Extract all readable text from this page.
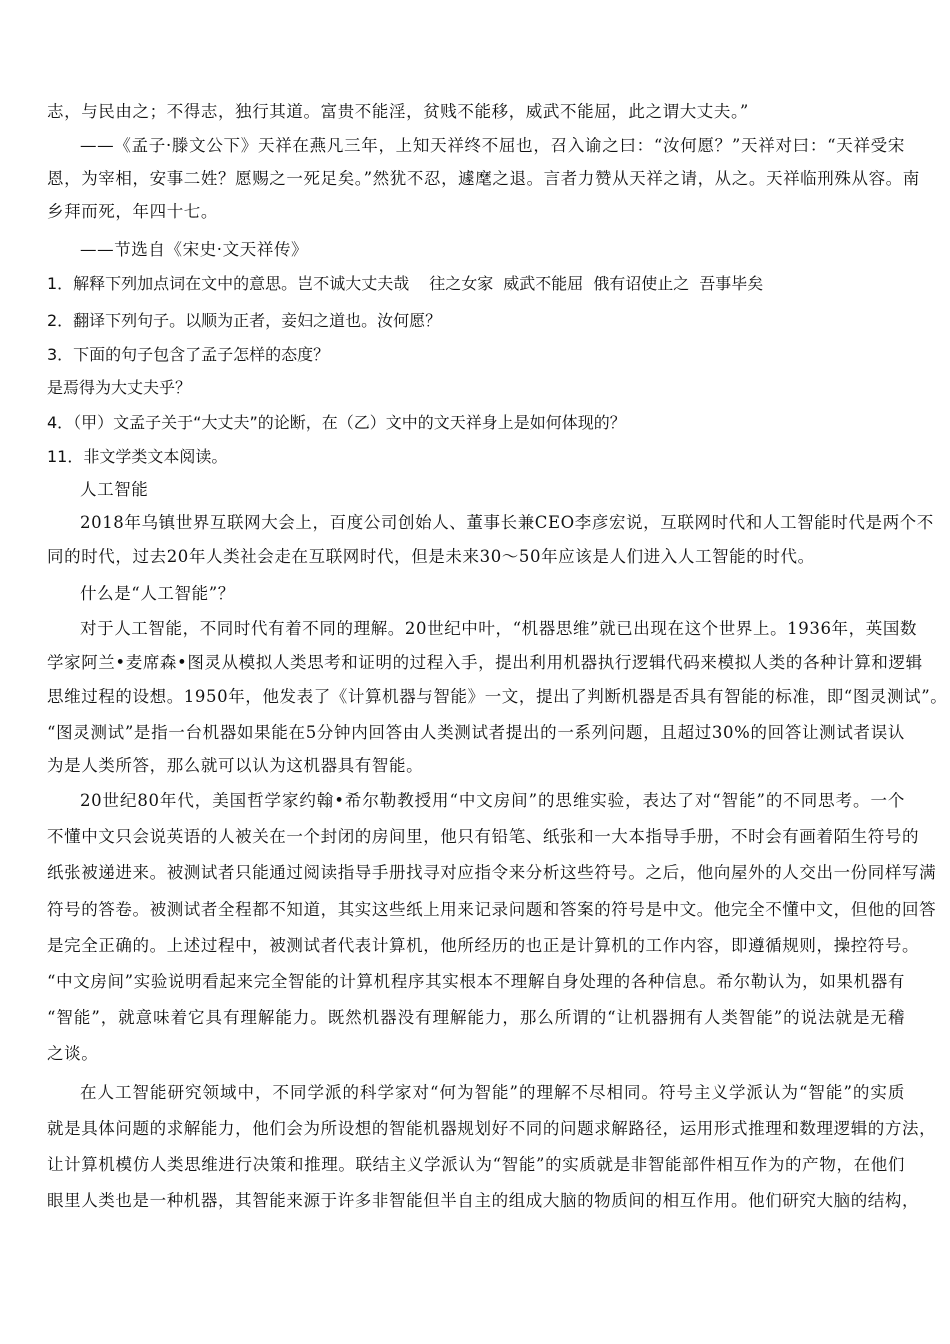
志，与民由之；不得志，独行其道。富贵不能淫，贫贱不能移，威武不能屈，此之谓大丈夫。”
——《孟子·滕文公下》天祥在燕凡三年，上知天祥终不屈也，召入谕之曰：“汝何愿？”天祥对曰：“天祥受宋
恩，为宰相，安事二姓？愿赐之一死足矣。”然犹不忍，遽麾之退。言者力赞从天祥之请，从之。天祥临刑殊从容。南
乡拜而死，年四十七。
——节选自《宋史·文天祥传》
1．解释下列加点词在文中的意思。岂不诚大丈夫哉 往之女家 威武不能屈 俄有诏使止之 吾事毕矣
2．翻译下列句子。以顺为正者，妾妇之道也。汝何愿？
3．下面的句子包含了孟子怎样的态度？
是焉得为大丈夫乎？
4．（甲）文孟子关于“大丈夫”的论断，在（乙）文中的文天祥身上是如何体现的？
11．非文学类文本阅读。
人工智能
2018年乌镇世界互联网大会上，百度公司创始人、董事长兼CEO李彦宏说，互联网时代和人工智能时代是两个不
同的时代，过去20年人类社会走在互联网时代，但是未来30～50年应该是人们进入人工智能的时代。
什么是“人工智能”？
对于人工智能，不同时代有着不同的理解。20世纪中叶，“机器思维”就已出现在这个世界上。1936年，英国数
学家阿兰•麦席森•图灵从模拟人类思考和证明的过程入手，提出利用机器执行逻辑代码来模拟人类的各种计算和逻辑
思维过程的设想。1950年，他发表了《计算机器与智能》一文，提出了判断机器是否具有智能的标准，即“图灵测试”。
“图灵测试”是指一台机器如果能在5分钟内回答由人类测试者提出的一系列问题，且超过30%的回答让测试者误认
为是人类所答，那么就可以认为这机器具有智能。
20世纪80年代，美国哲学家约翰•希尔勒教授用“中文房间”的思维实验，表达了对“智能”的不同思考。一个
不懂中文只会说英语的人被关在一个封闭的房间里，他只有铅笔、纸张和一大本指导手册，不时会有画着陌生符号的
纸张被递进来。被测试者只能通过阅读指导手册找寻对应指令来分析这些符号。之后，他向屋外的人交出一份同样写满
符号的答卷。被测试者全程都不知道，其实这些纸上用来记录问题和答案的符号是中文。他完全不懂中文，但他的回答
是完全正确的。上述过程中，被测试者代表计算机，他所经历的也正是计算机的工作内容，即遵循规则，操控符号。
“中文房间”实验说明看起来完全智能的计算机程序其实根本不理解自身处理的各种信息。希尔勒认为，如果机器有
“智能”，就意味着它具有理解能力。既然机器没有理解能力，那么所谓的“让机器拥有人类智能”的说法就是无稽
之谈。
在人工智能研究领域中，不同学派的科学家对“何为智能”的理解不尽相同。符号主义学派认为“智能”的实质
就是具体问题的求解能力，他们会为所设想的智能机器规划好不同的问题求解路径，运用形式推理和数理逻辑的方法，
让计算机模仿人类思维进行决策和推理。联结主义学派认为“智能”的实质就是非智能部件相互作为的产物，在他们
眼里人类也是一种机器，其智能来源于许多非智能但半自主的组成大脑的物质间的相互作用。他们研究大脑的结构，
